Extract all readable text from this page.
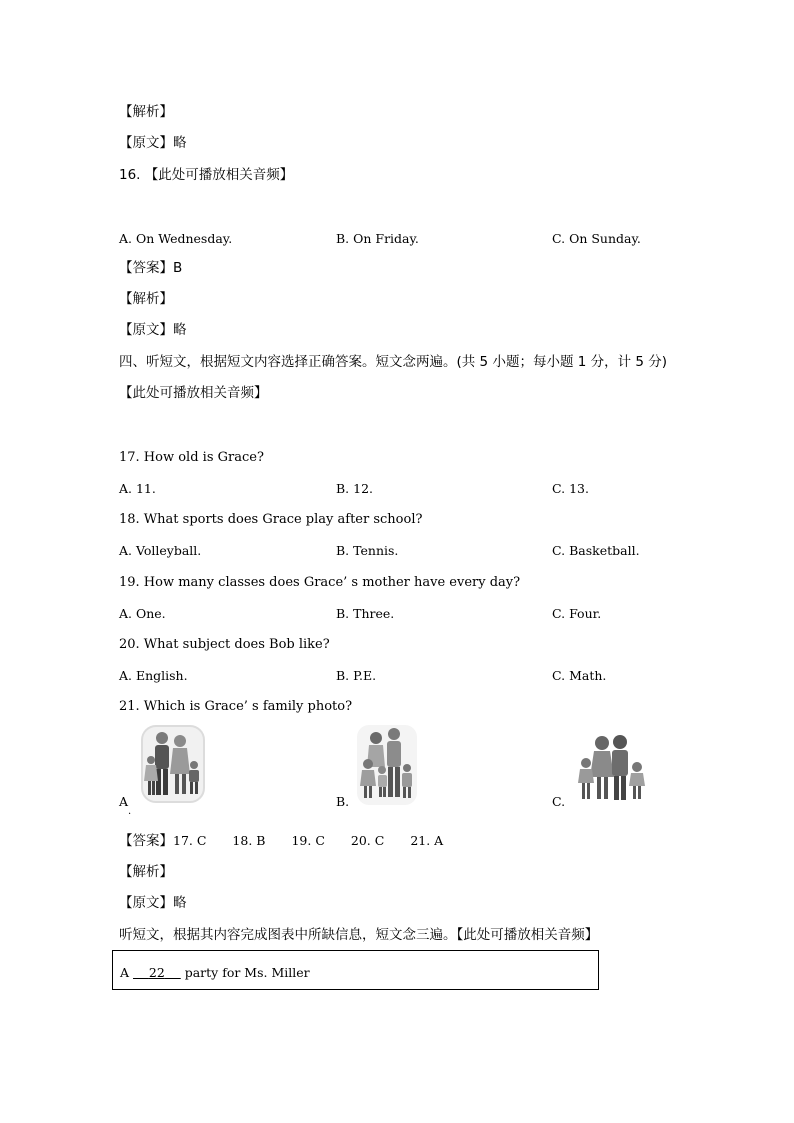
【解析】
【原文】略
16. 【此处可播放相关音频】
A. On Wednesday.	B. On Friday.	C. On Sunday.
【答案】B
【解析】
【原文】略
四、听短文，根据短文内容选择正确答案。短文念两遍。(共 5 小题；每小题 1 分，计 5 分)
【此处可播放相关音频】
17. How old is Grace?
A. 11.	B. 12.	C. 13.
18. What sports does Grace play after school?
A. Volleyball.	B. Tennis.	C. Basketball.
19. How many classes does Grace’ s mother have every day?
A. One.	B. Three.	C. Four.
20. What subject does Bob like?
A. English.	B. P.E.	C. Math.
21. Which is Grace’ s family photo?
A
.
B.	C.
【答案】17. C 18. B 19. C 20. C 21. A
【解析】
【原文】略
听短文，根据其内容完成图表中所缺信息，短文念三遍。【此处可播放相关音频】
A 22 party for Ms. Miller
